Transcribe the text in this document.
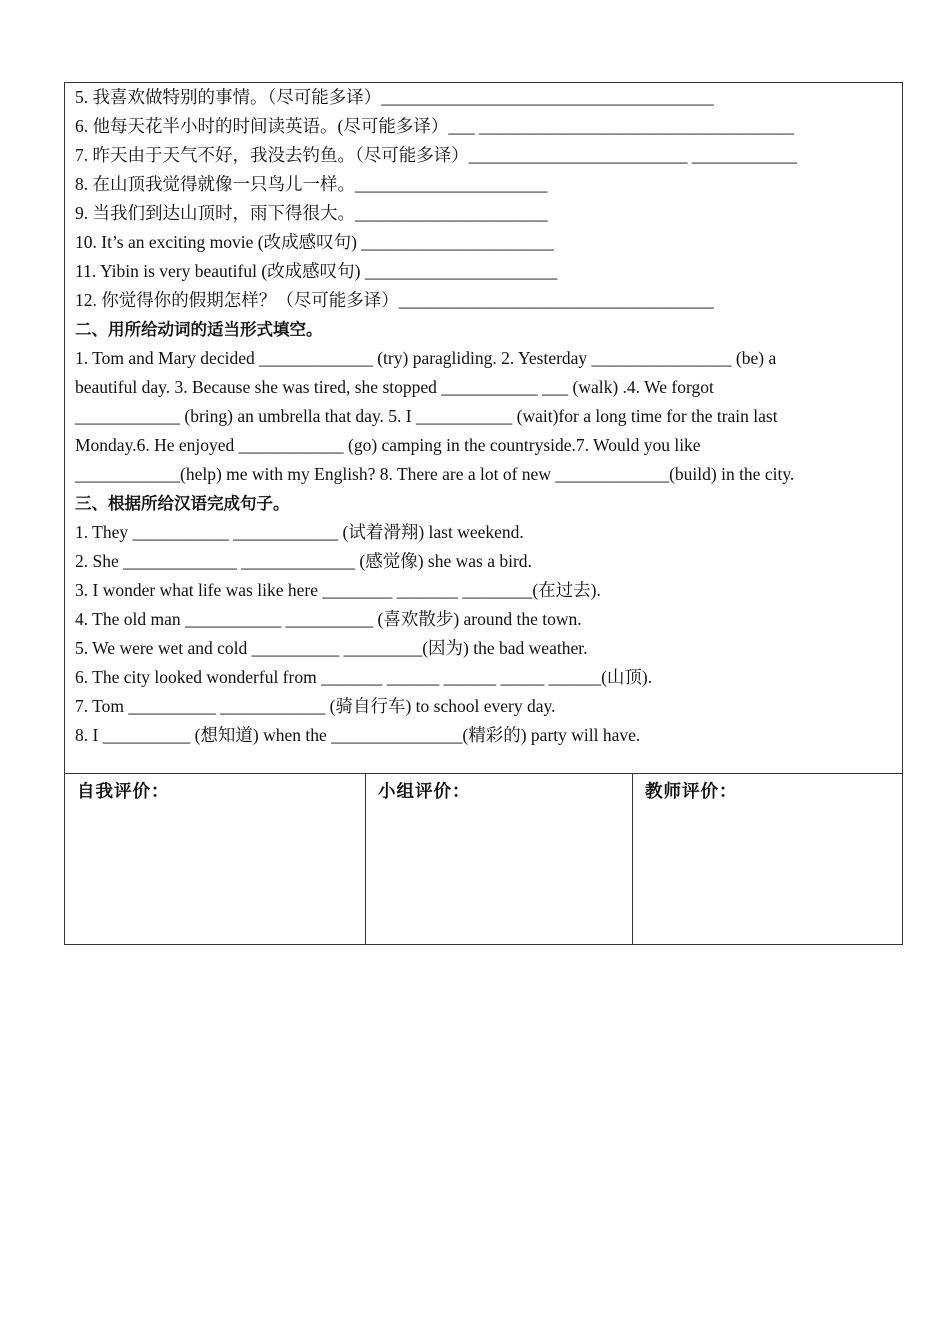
5. 我喜欢做特别的事情。（尽可能多译）______________________________________
6. 他每天花半小时的时间读英语。(尽可能多译）___ ____________________________________
7. 昨天由于天气不好，我没去钓鱼。（尽可能多译）_________________________ ____________
8. 在山顶我觉得就像一只鸟儿一样。______________________
9. 当我们到达山顶时，雨下得很大。______________________
10. It’s an exciting movie (改成感叹句) ______________________
11. Yibin is very beautiful (改成感叹句) ______________________
12. 你觉得你的假期怎样？（尽可能多译）____________________________________
二、用所给动词的适当形式填空。
1. Tom and Mary decided _____________ (try) paragliding. 2. Yesterday ________________ (be) a
beautiful day. 3. Because she was tired, she stopped ___________ ___ (walk) .4. We forgot
____________ (bring) an umbrella that day. 5. I ___________ (wait)for a long time for the train last
Monday.6. He enjoyed ____________ (go) camping in the countryside.7. Would you like
____________(help) me with my English? 8. There are a lot of new _____________(build) in the city.
三、根据所给汉语完成句子。
1. They ___________ ____________ (试着滑翔) last weekend.
2. She _____________ _____________ (感觉像) she was a bird.
3. I wonder what life was like here ________ _______ ________(在过去).
4. The old man ___________ __________ (喜欢散步) around the town.
5. We were wet and cold __________ _________(因为) the bad weather.
6. The city looked wonderful from _______ ______ ______ _____ ______(山顶).
7. Tom __________ ____________ (骑自行车) to school every day.
8. I __________ (想知道) when the _______________(精彩的) party will have.
自我评价：	小组评价：	教师评价：
